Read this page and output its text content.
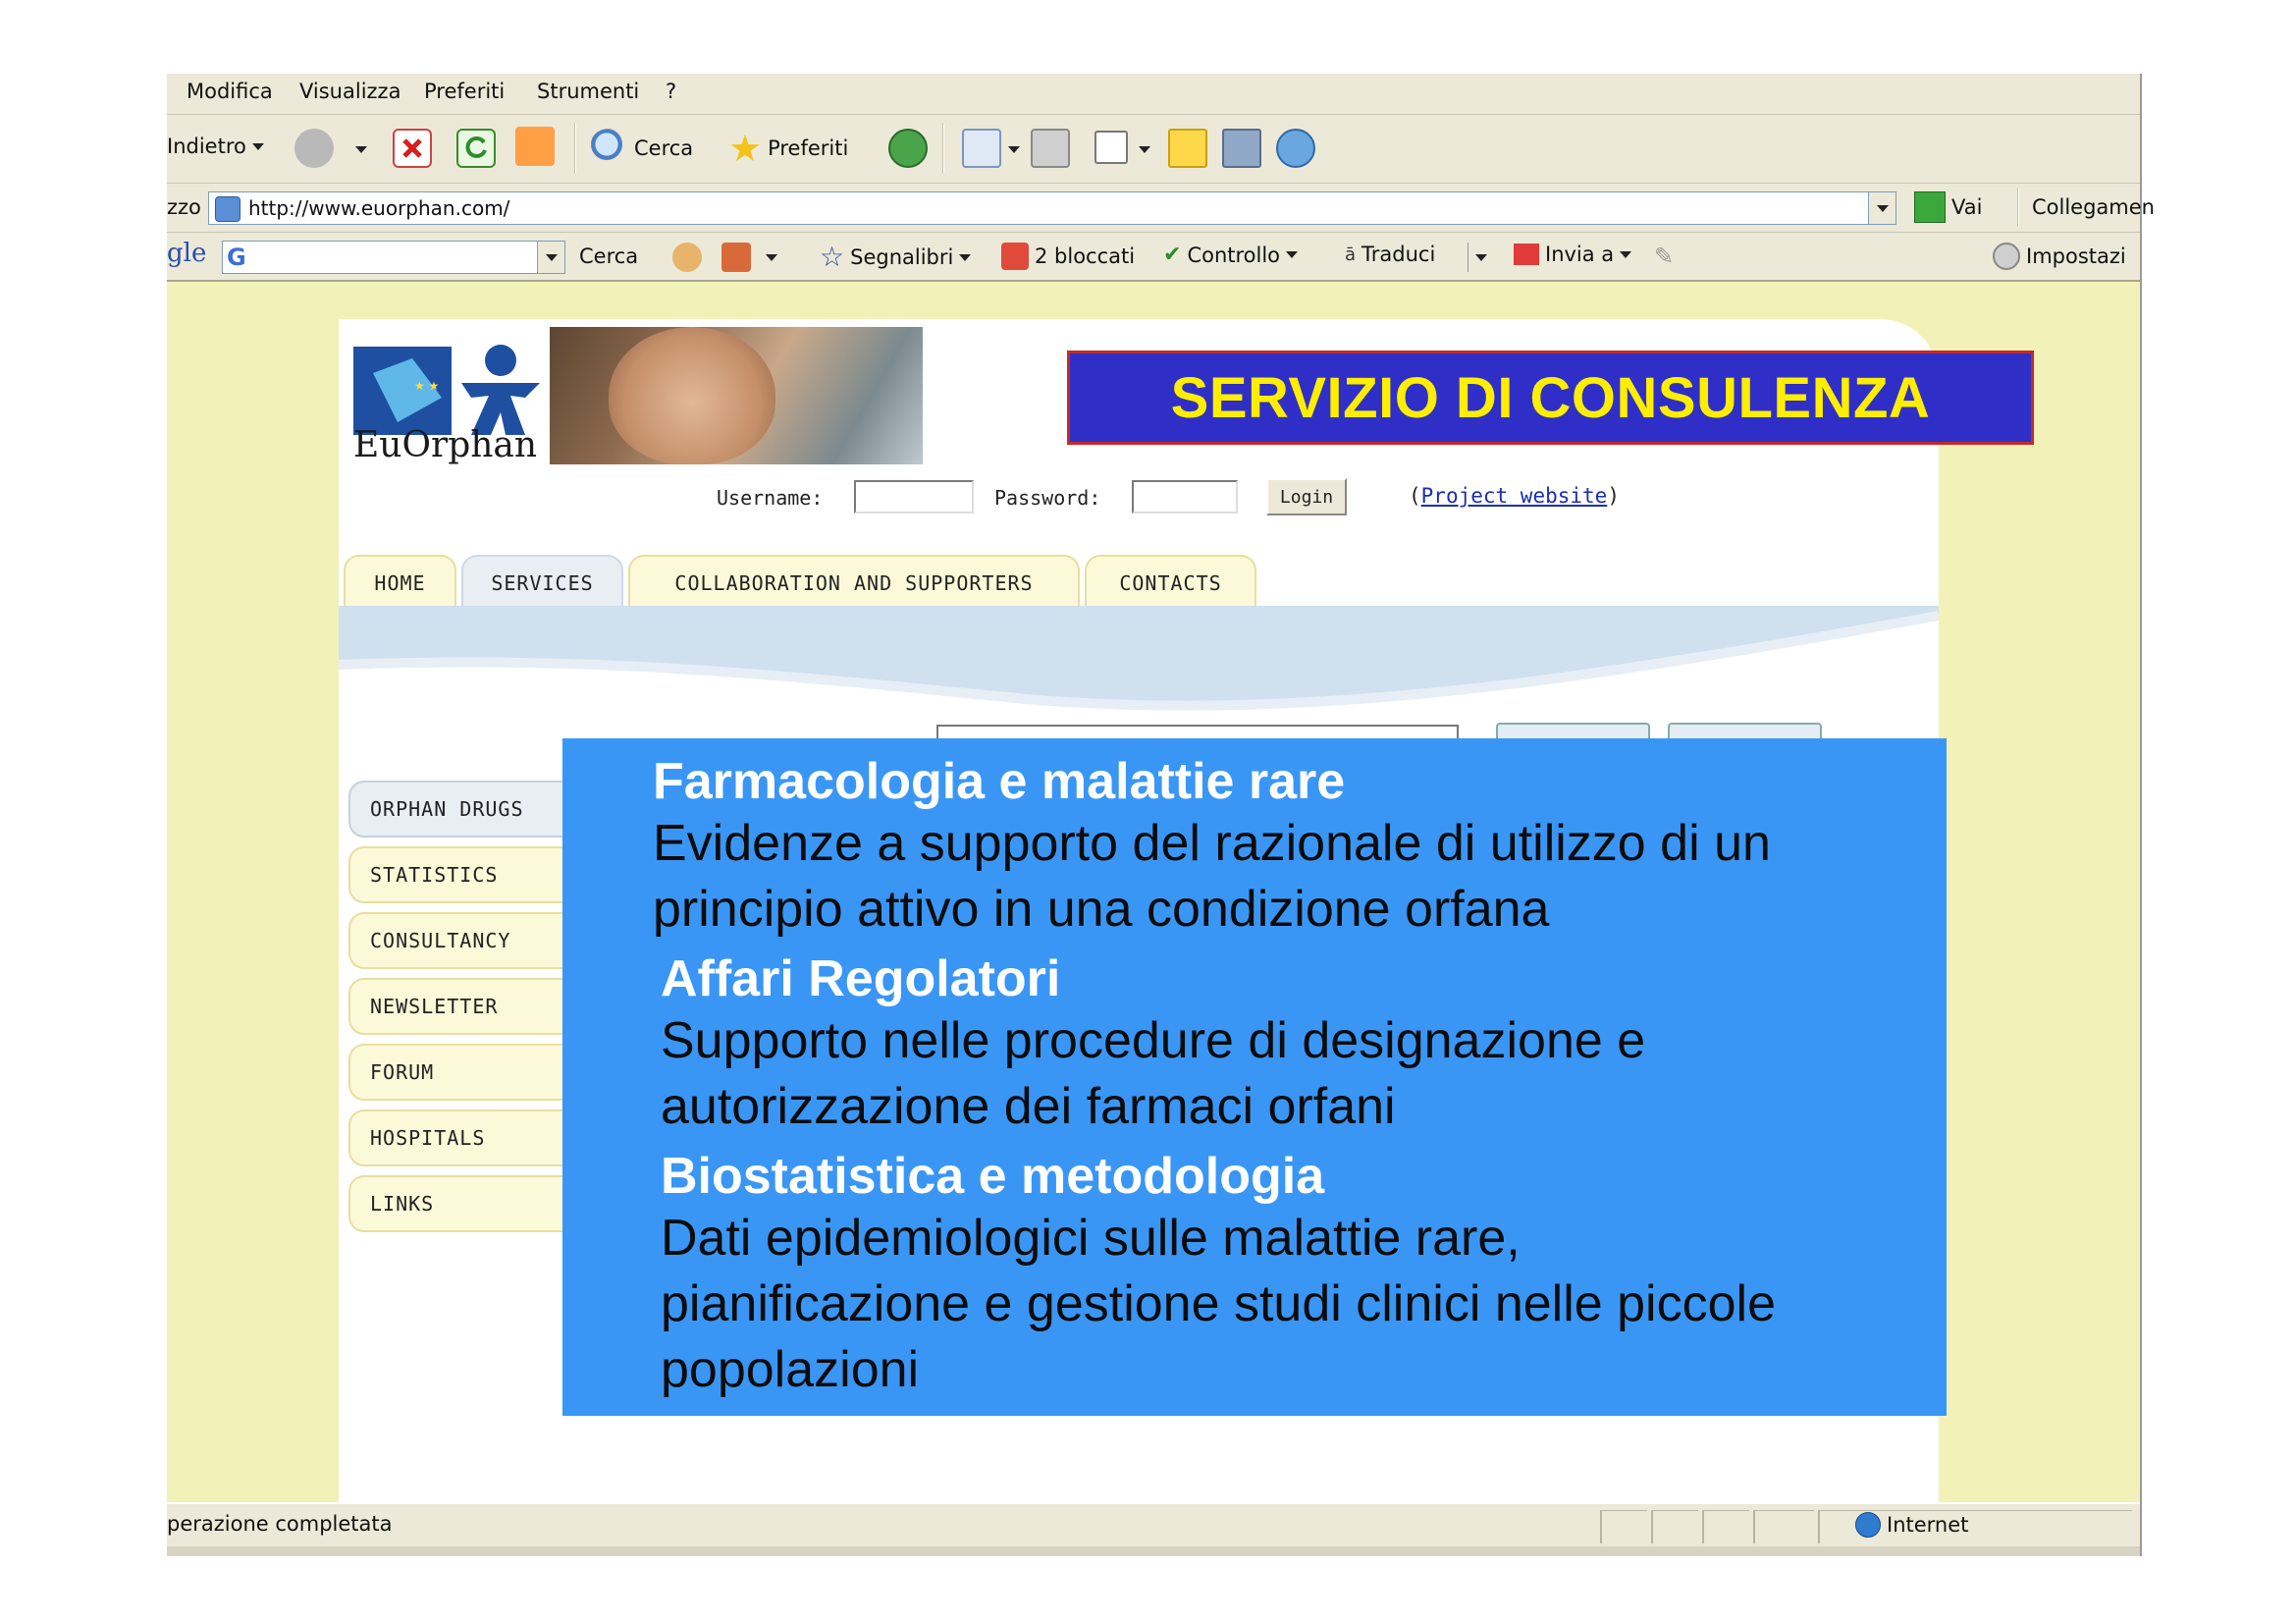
Modifica Visualizza Preferiti Strumenti ?
Indietro	Cerca ★ Preferiti
zzo http://www.euorphan.com/	Vai Collegamen
gle G	Cerca	☆ Segnalibri	2 bloccati ✔ Controllo	ā Traduci	Invia a ✎	Impostazi
★ ★
EuOrphan
SERVIZIO DI CONSULENZA
Username:	Password:	Login	(Project website)
HOME	SERVICES	COLLABORATION AND SUPPORTERS	CONTACTS
ORPHAN DRUGS
STATISTICS
CONSULTANCY
NEWSLETTER
FORUM
HOSPITALS
LINKS
perazione completata	Internet
Farmacologia e malattie rare
Evidenze a supporto del razionale di utilizzo di un
principio attivo in una condizione orfana
Affari Regolatori
Supporto nelle procedure di designazione e
autorizzazione dei farmaci orfani
Biostatistica e metodologia
Dati epidemiologici sulle malattie rare,
pianificazione e gestione studi clinici nelle piccole
popolazioni
